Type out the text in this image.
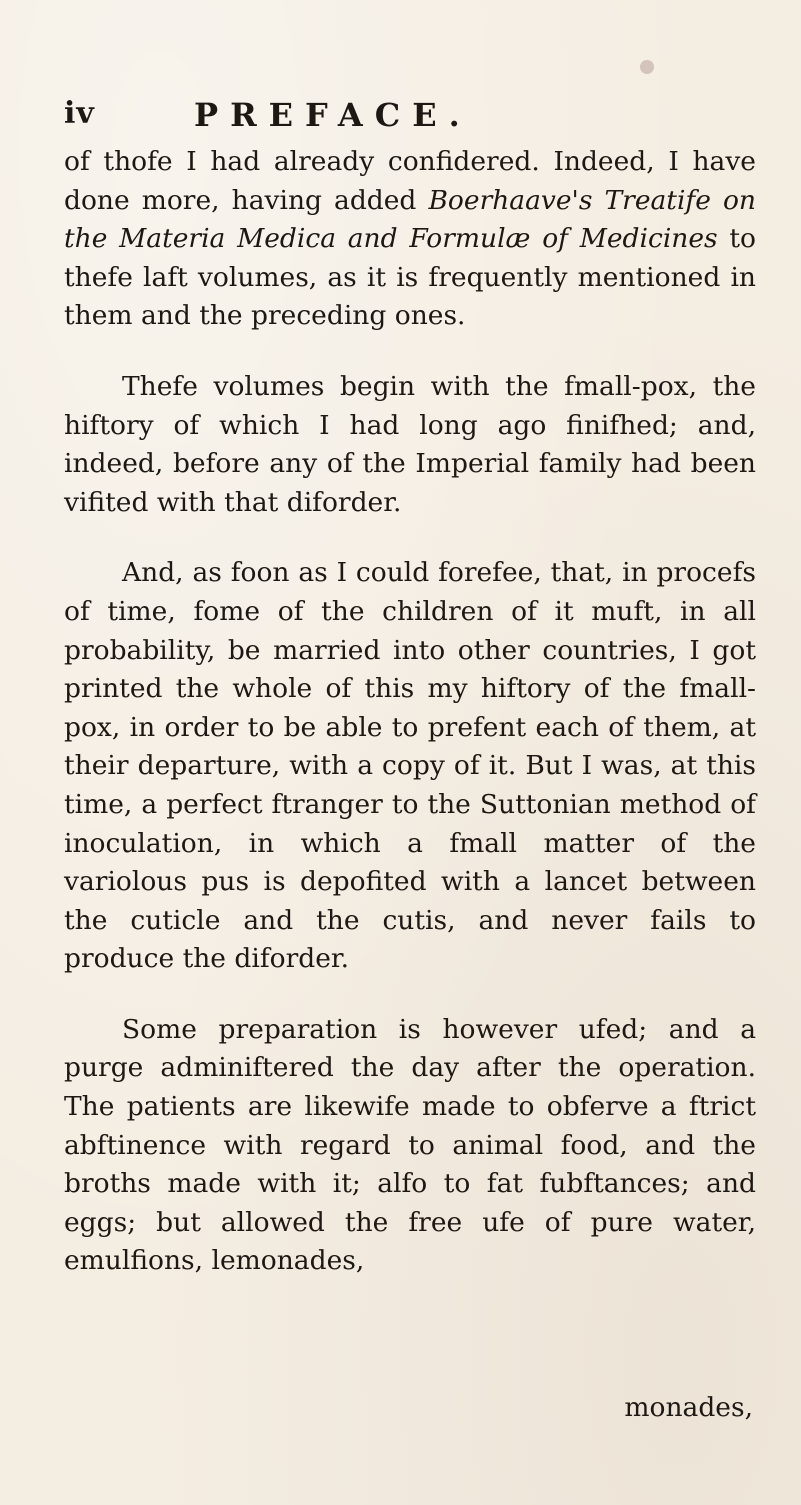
iv	PREFACE.

of thofe I had already confidered. Indeed, I have done more, having added Boerhaave's Treatife on the Materia Medica and Formulæ of Medicines to thefe laft volumes, as it is frequently mentioned in them and the preceding ones.

Thefe volumes begin with the fmall-pox, the hiftory of which I had long ago finifhed; and, indeed, before any of the Imperial family had been vifited with that diforder.

And, as foon as I could forefee, that, in procefs of time, fome of the children of it muft, in all probability, be married into other countries, I got printed the whole of this my hiftory of the fmall-pox, in order to be able to prefent each of them, at their departure, with a copy of it. But I was, at this time, a perfect ftranger to the Suttonian method of inoculation, in which a fmall matter of the variolous pus is depofited with a lancet between the cuticle and the cutis, and never fails to produce the diforder.

Some preparation is however ufed; and a purge adminiftered the day after the operation. The patients are likewife made to obferve a ftrict abftinence with regard to animal food, and the broths made with it; alfo to fat fubftances; and eggs; but allowed the free ufe of pure water, emulfions, lemonades,

monades,
